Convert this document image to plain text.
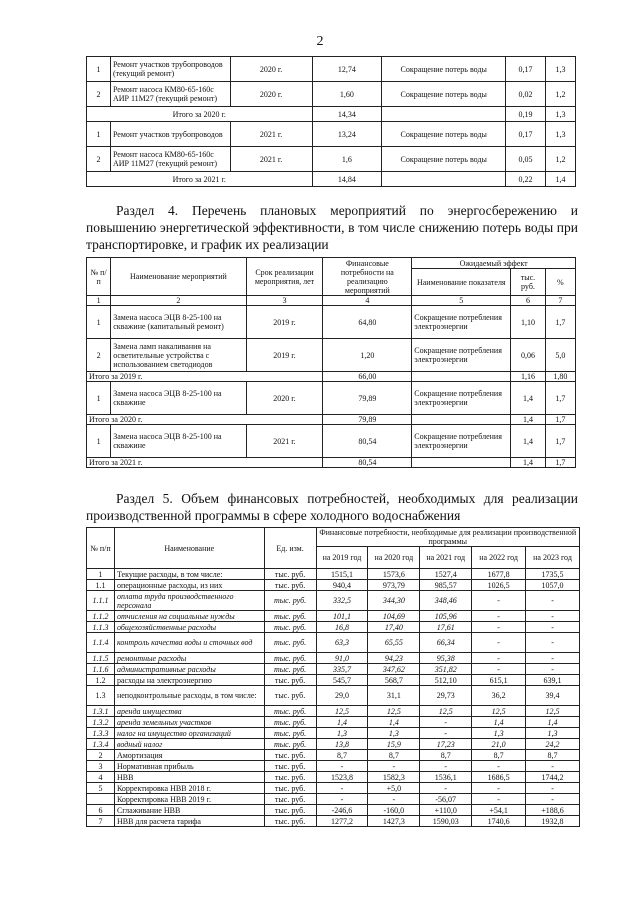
2
1	Ремонт участков трубопроводов (текущий ремонт)	2020 г.	12,74	Сокращение потерь воды	0,17	1,3
2	Ремонт насоса КМ80-65-160с АИР 11М27 (текущий ремонт)	2020 г.	1,60	Сокращение потерь воды	0,02	1,2
Итого за 2020 г.			14,34		0,19	1,3
1	Ремонт участков трубопроводов	2021 г.	13,24	Сокращение потерь воды	0,17	1,3
2	Ремонт насоса КМ80-65-160с АИР 11М27 (текущий ремонт)	2021 г.	1,6	Сокращение потерь воды	0,05	1,2
Итого за 2021 г.			14,84		0,22	1,4
Раздел 4. Перечень плановых мероприятий по энергосбережению и повышению энергетической эффективности, в том числе снижению потерь воды при транспортировке, и график их реализации
№ п/п	Наименование мероприятий	Срок реализации мероприятия, лет	Финансовые потребности на реализацию мероприятий	Ожидаемый эффект		
				Наименование показателя	тыс. руб.	%
1	2	3	4	5	6	7
1	Замена насоса ЭЦВ 8-25-100 на скважине (капитальный ремонт)	2019 г.	64,80	Сокращение потребления электроэнергии	1,10	1,7
2	Замена ламп накаливания на осветительные устройства с использованием светодиодов	2019 г.	1,20	Сокращение потребления электроэнергии	0,06	5,0
Итого за 2019 г.			66,00		1,16	1,80
1	Замена насоса ЭЦВ 8-25-100 на скважине	2020 г.	79,89	Сокращение потребления электроэнергии	1,4	1,7
Итого за 2020 г.			79,89		1,4	1,7
1	Замена насоса ЭЦВ 8-25-100 на скважине	2021 г.	80,54	Сокращение потребления электроэнергии	1,4	1,7
Итого за 2021 г.			80,54		1,4	1,7
Раздел 5. Объем финансовых потребностей, необходимых для реализации производственной программы в сфере холодного водоснабжения
№ п/п	Наименование	Ед. изм.	Финансовые потребности, необходимые для реализации производственной программы				
			на 2019 год	на 2020 год	на 2021 год	на 2022 год	на 2023 год
1	Текущие расходы, в том числе:	тыс. руб.	1515,1	1573,6	1527,4	1677,8	1735,5
1.1	операционные расходы, из них	тыс. руб.	940,4	973,79	985,57	1026,5	1057,0
1.1.1	оплата труда производственного персонала	тыс. руб.	332,5	344,30	348,46	-	-
1.1.2	отчисления на социальные нужды	тыс. руб.	101,1	104,69	105,96	-	-
1.1.3	общехозяйственные расходы	тыс. руб.	16,8	17,40	17,61	-	-
1.1.4	контроль качества воды и сточных вод	тыс. руб.	63,3	65,55	66,34	-	-
1.1.5	ремонтные расходы	тыс. руб.	91,0	94,23	95,38	-	-
1.1.6	административные расходы	тыс. руб.	335,7	347,62	351,82	-	-
1.2	расходы на электроэнергию	тыс. руб.	545,7	568,7	512,10	615,1	639,1
1.3	неподконтрольные расходы, в том числе:	тыс. руб.	29,0	31,1	29,73	36,2	39,4
1.3.1	аренда имущества	тыс. руб.	12,5	12,5	12,5	12,5	12,5
1.3.2	аренда земельных участков	тыс. руб.	1,4	1,4	-	1,4	1,4
1.3.3	налог на имущество организаций	тыс. руб.	1,3	1,3	-	1,3	1,3
1.3.4	водный налог	тыс. руб.	13,8	15,9	17,23	21,0	24,2
2	Амортизация	тыс. руб.	8,7	8,7	8,7	8,7	8,7
3	Нормативная прибыль	тыс. руб.	-	-	-	-	-
4	НВВ	тыс. руб.	1523,8	1582,3	1536,1	1686,5	1744,2
5	Корректировка НВВ 2018 г.	тыс. руб.	-	+5,0	-	-	-
	Корректировка НВВ 2019 г.	тыс. руб.	-	-	-56,07	-	-
6	Сглаживание НВВ	тыс. руб.	-246,6	-160,0	+110,0	+54,1	+188,6
7	НВВ для расчета тарифа	тыс. руб.	1277,2	1427,3	1590,03	1740,6	1932,8
